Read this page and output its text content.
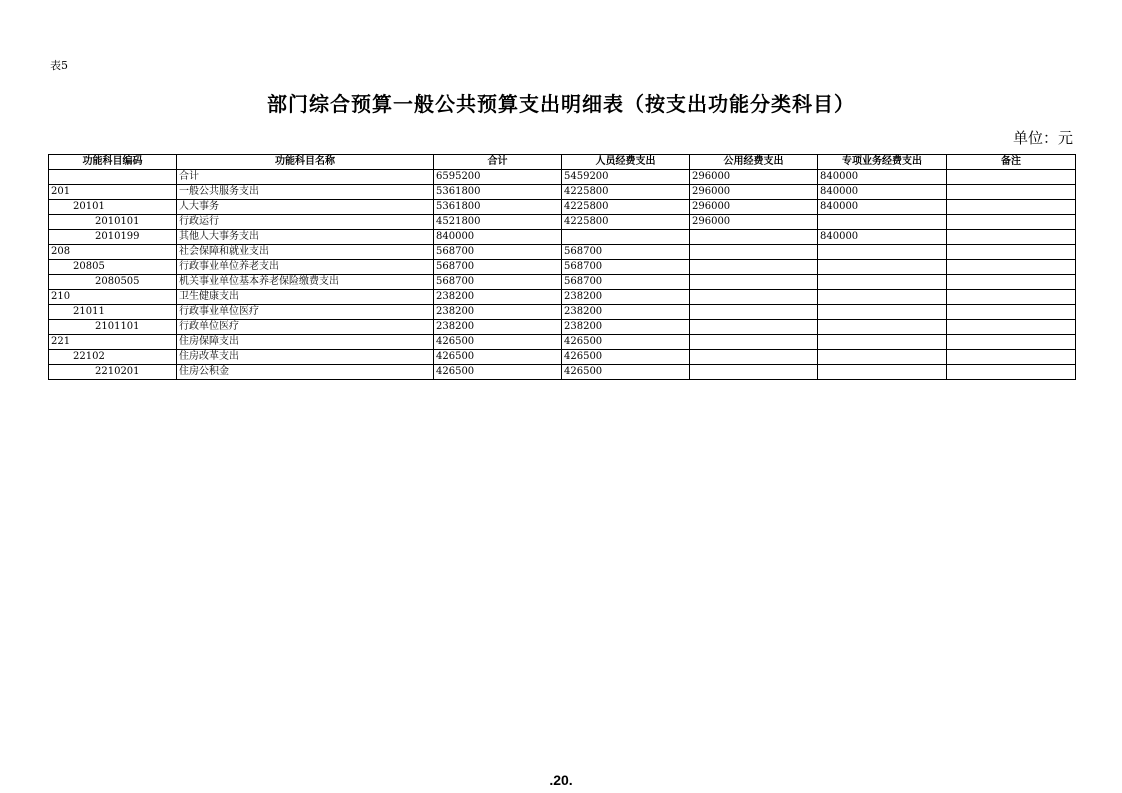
表5
部门综合预算一般公共预算支出明细表（按支出功能分类科目）
单位：元
功能科目编码	功能科目名称	合计	人员经费支出	公用经费支出	专项业务经费支出	备注
	合计	6595200	5459200	296000	840000	
201	一般公共服务支出	5361800	4225800	296000	840000	
20101	人大事务	5361800	4225800	296000	840000	
2010101	行政运行	4521800	4225800	296000		
2010199	其他人大事务支出	840000			840000	
208	社会保障和就业支出	568700	568700			
20805	行政事业单位养老支出	568700	568700			
2080505	机关事业单位基本养老保险缴费支出	568700	568700			
210	卫生健康支出	238200	238200			
21011	行政事业单位医疗	238200	238200			
2101101	行政单位医疗	238200	238200			
221	住房保障支出	426500	426500			
22102	住房改革支出	426500	426500			
2210201	住房公积金	426500	426500			
.20.
